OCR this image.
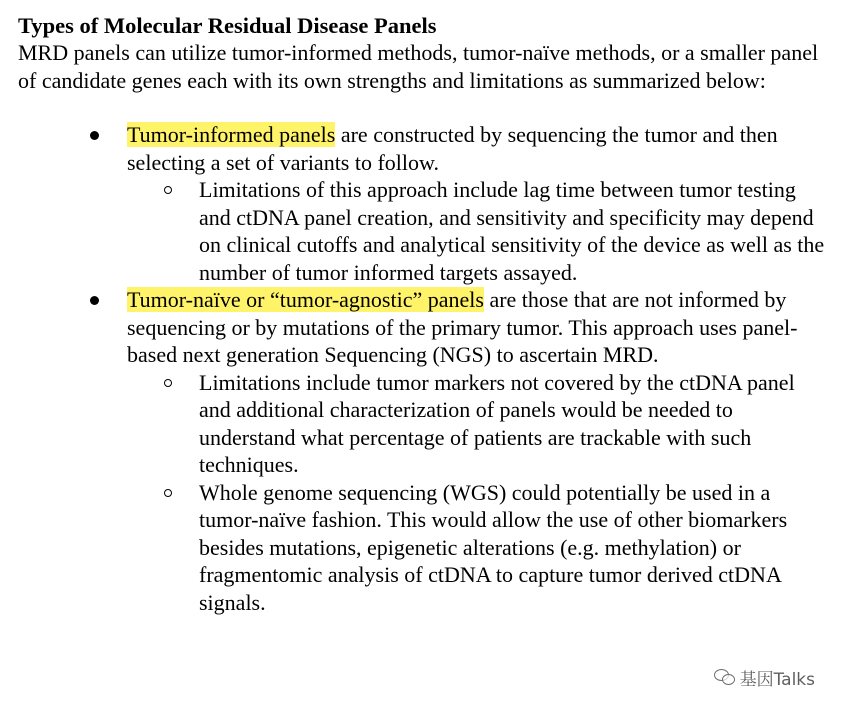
Types of Molecular Residual Disease Panels

MRD panels can utilize tumor-informed methods, tumor-naïve methods, or a smaller panel of candidate genes each with its own strengths and limitations as summarized below:

Tumor-informed panels are constructed by sequencing the tumor and then selecting a set of variants to follow.
Limitations of this approach include lag time between tumor testing and ctDNA panel creation, and sensitivity and specificity may depend on clinical cutoffs and analytical sensitivity of the device as well as the number of tumor informed targets assayed.
Tumor-naïve or “tumor-agnostic” panels are those that are not informed by sequencing or by mutations of the primary tumor. This approach uses panel-based next generation Sequencing (NGS) to ascertain MRD.
Limitations include tumor markers not covered by the ctDNA panel and additional characterization of panels would be needed to understand what percentage of patients are trackable with such techniques.
Whole genome sequencing (WGS) could potentially be used in a tumor-naïve fashion. This would allow the use of other biomarkers besides mutations, epigenetic alterations (e.g. methylation) or fragmentomic analysis of ctDNA to capture tumor derived ctDNA signals.
基因Talks
